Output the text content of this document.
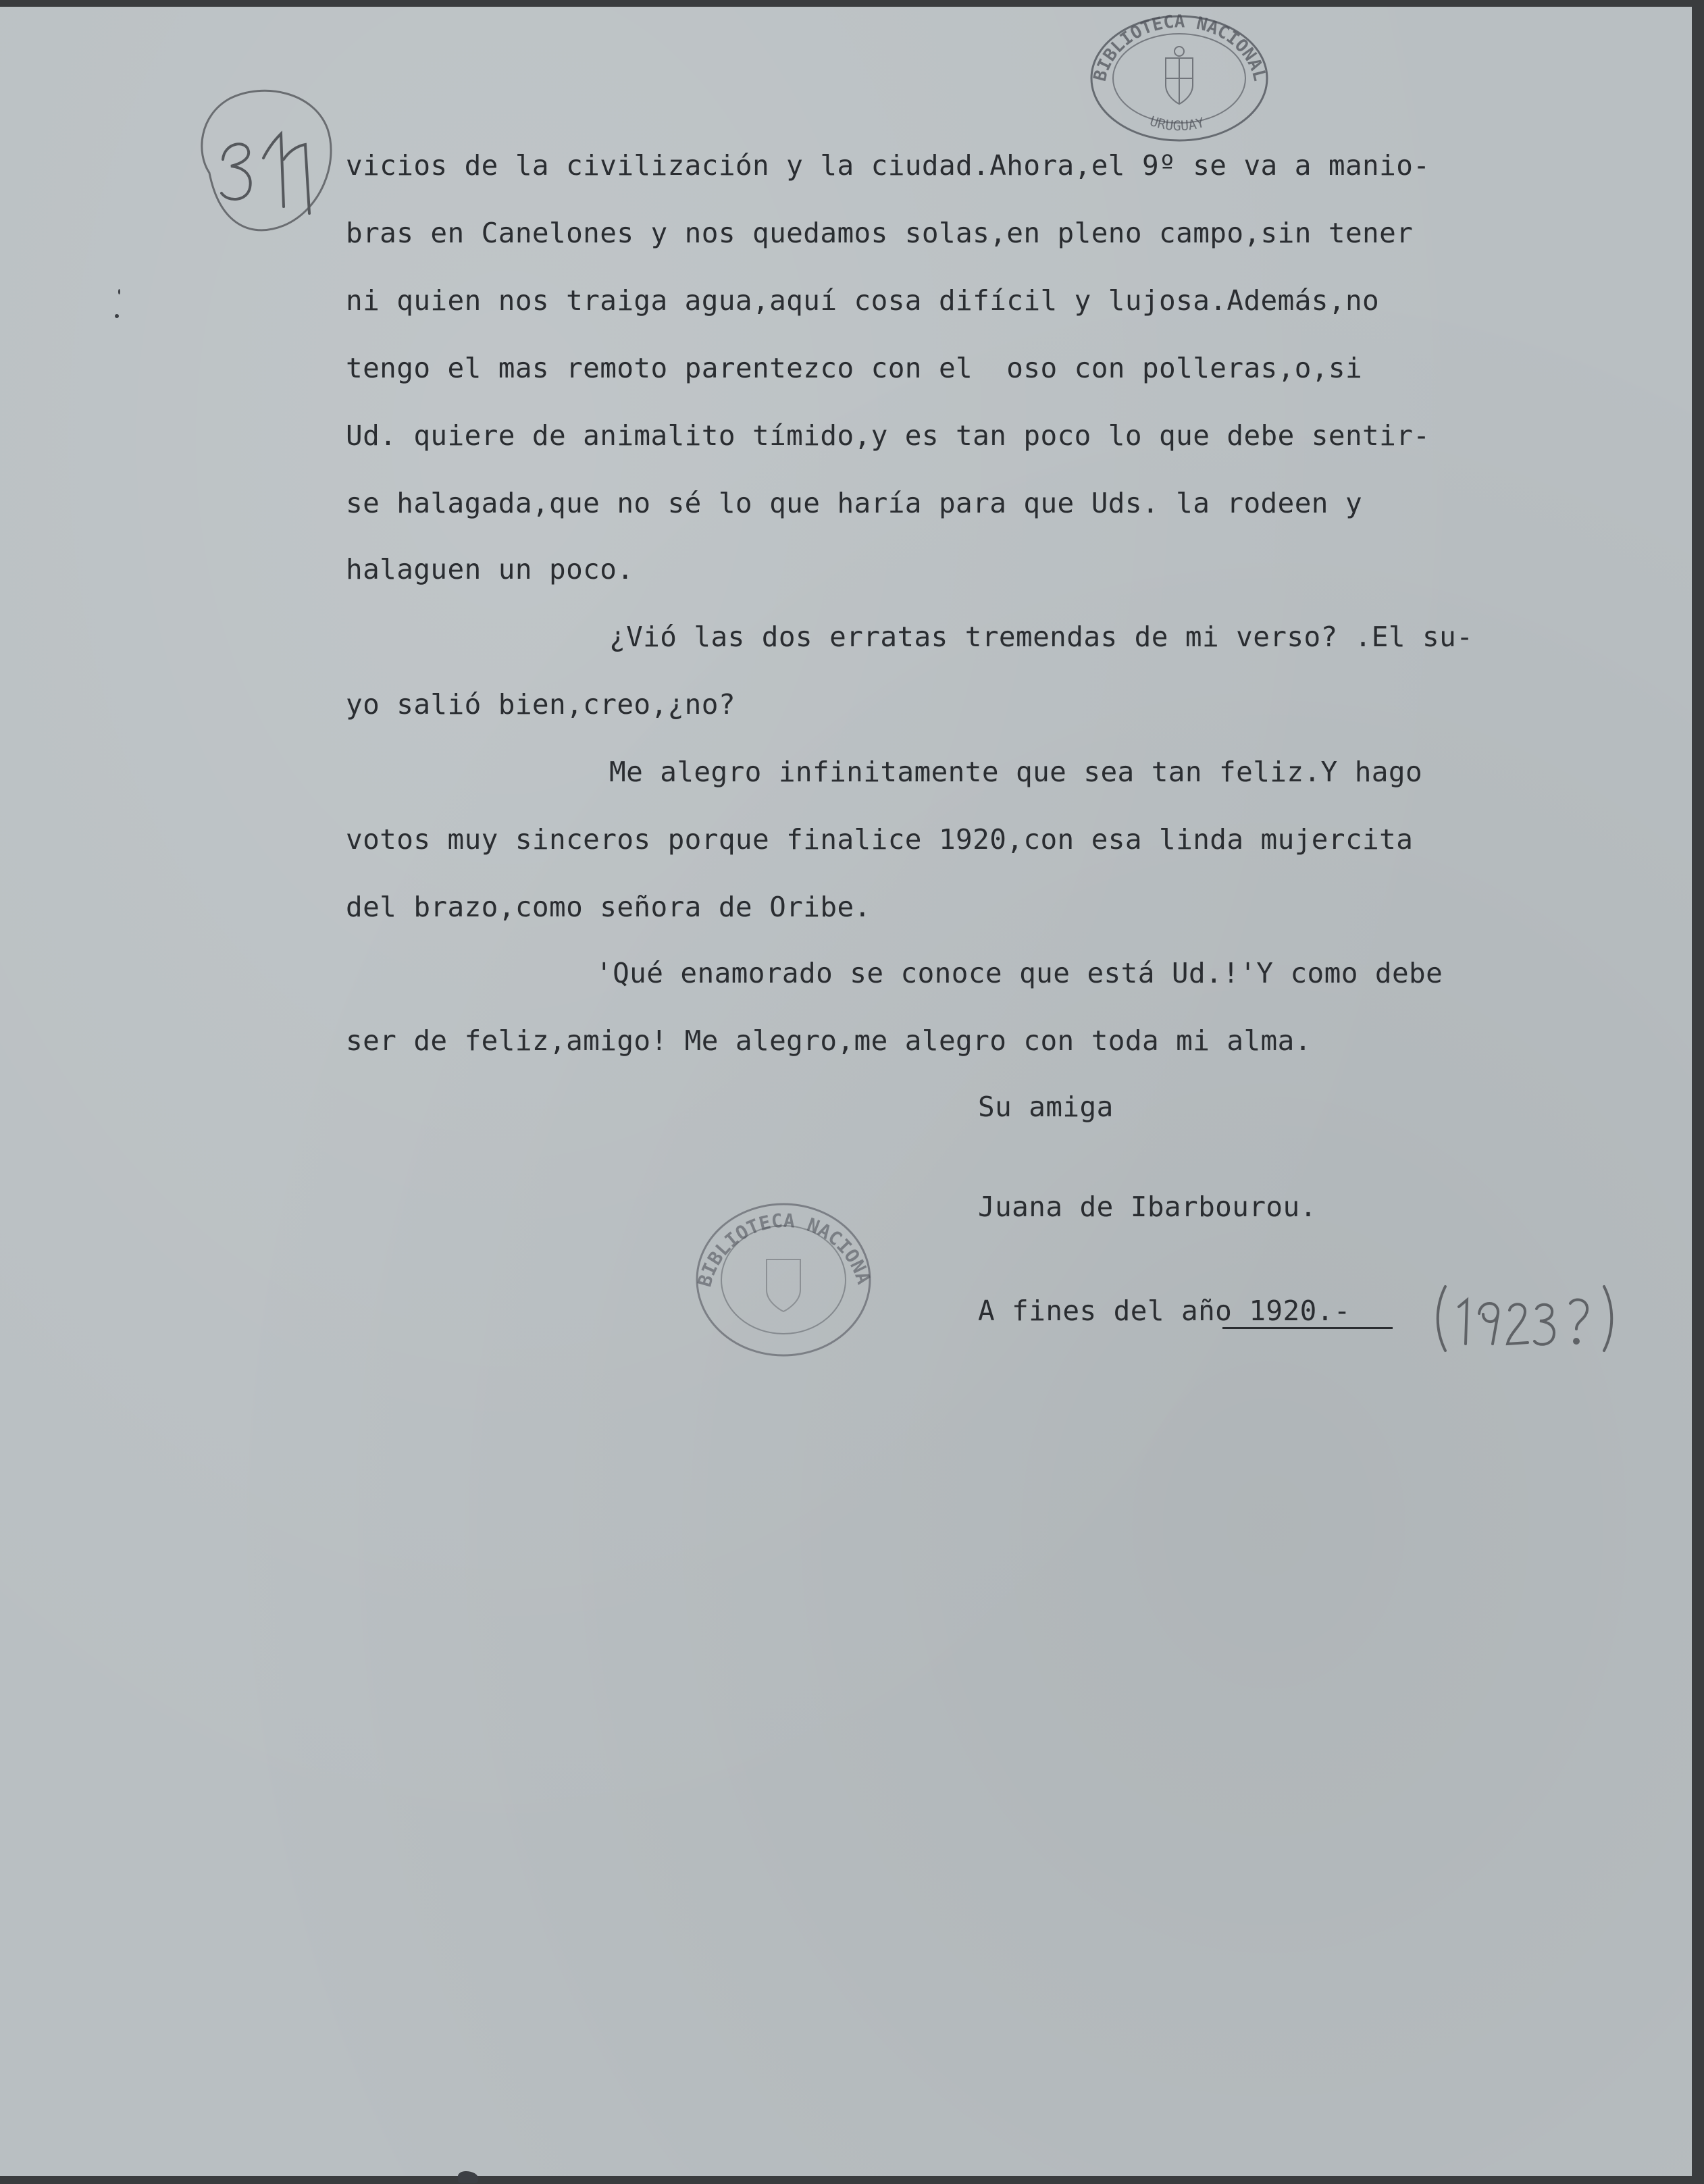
BIBLIOTECA NACIONAL
URUGUAY
BIBLIOTECA NACIONAL

vicios de la civilización y la ciudad.Ahora,el 9º se va a manio-

bras en Canelones y nos quedamos solas,en pleno campo,sin tener

ni quien nos traiga agua,aquí cosa difícil y lujosa.Además,no

tengo el mas remoto parentezco con el  oso con polleras,o,si

Ud. quiere de animalito tímido,y es tan poco lo que debe sentir-

se halagada,que no sé lo que haría para que Uds. la rodeen y

halaguen un poco.

¿Vió las dos erratas tremendas de mi verso? .El su-

yo salió bien,creo,¿no?

Me alegro infinitamente que sea tan feliz.Y hago

votos muy sinceros porque finalice 1920,con esa linda mujercita

del brazo,como señora de Oribe.

'Qué enamorado se conoce que está Ud.!'Y como debe

ser de feliz,amigo! Me alegro,me alegro con toda mi alma.

Su amiga

Juana de Ibarbourou.

A fines del año 1920.-
